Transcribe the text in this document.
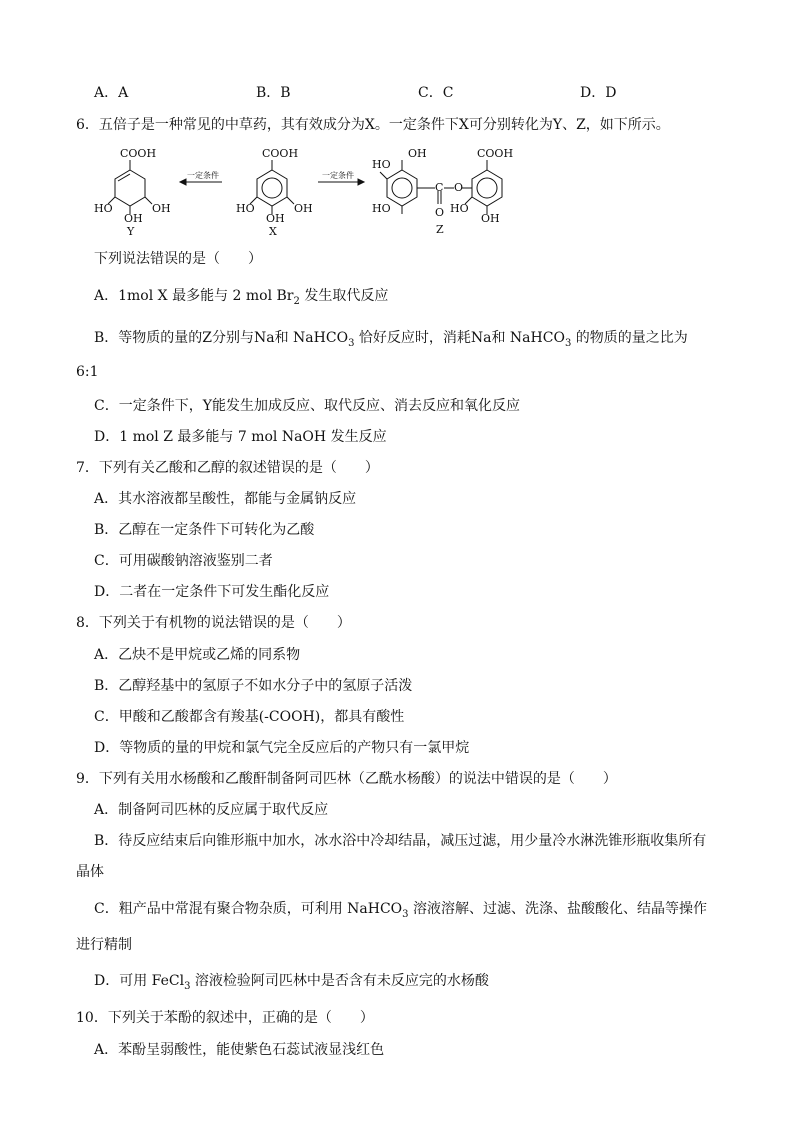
A．A	B．B	C．C	D．D
6．五倍子是一种常见的中草药，其有效成分为X。一定条件下X可分别转化为Y、Z，如下所示。
COOH
HO
OH
OH
Y
一定条件
COOH
HO
OH
OH
X
一定条件
HO
OH
HO
C O
O
Z
COOH
HO
OH
下列说法错误的是（　　）
A．1mol X 最多能与 2 mol $Br_2$ 发生取代反应
B．等物质的量的Z分别与Na和 NaHCO$_3$ 恰好反应时，消耗Na和 NaHCO$_3$ 的物质的量之比为
6:1
C．一定条件下，Y能发生加成反应、取代反应、消去反应和氧化反应
D．1 mol Z 最多能与 7 mol NaOH 发生反应
7．下列有关乙酸和乙醇的叙述错误的是（　　）
A．其水溶液都呈酸性，都能与金属钠反应
B．乙醇在一定条件下可转化为乙酸
C．可用碳酸钠溶液鉴别二者
D．二者在一定条件下可发生酯化反应
8．下列关于有机物的说法错误的是（　　）
A．乙炔不是甲烷或乙烯的同系物
B．乙醇羟基中的氢原子不如水分子中的氢原子活泼
C．甲酸和乙酸都含有羧基(-COOH)，都具有酸性
D．等物质的量的甲烷和氯气完全反应后的产物只有一氯甲烷
9．下列有关用水杨酸和乙酸酐制备阿司匹林（乙酰水杨酸）的说法中错误的是（　　）
A．制备阿司匹林的反应属于取代反应
B．待反应结束后向锥形瓶中加水，冰水浴中冷却结晶，减压过滤，用少量冷水淋洗锥形瓶收集所有
晶体
C．粗产品中常混有聚合物杂质，可利用 NaHCO$_3$ 溶液溶解、过滤、洗涤、盐酸酸化、结晶等操作
进行精制
D．可用 FeCl$_3$ 溶液检验阿司匹林中是否含有未反应完的水杨酸
10．下列关于苯酚的叙述中，正确的是（　　）
A．苯酚呈弱酸性，能使紫色石蕊试液显浅红色
